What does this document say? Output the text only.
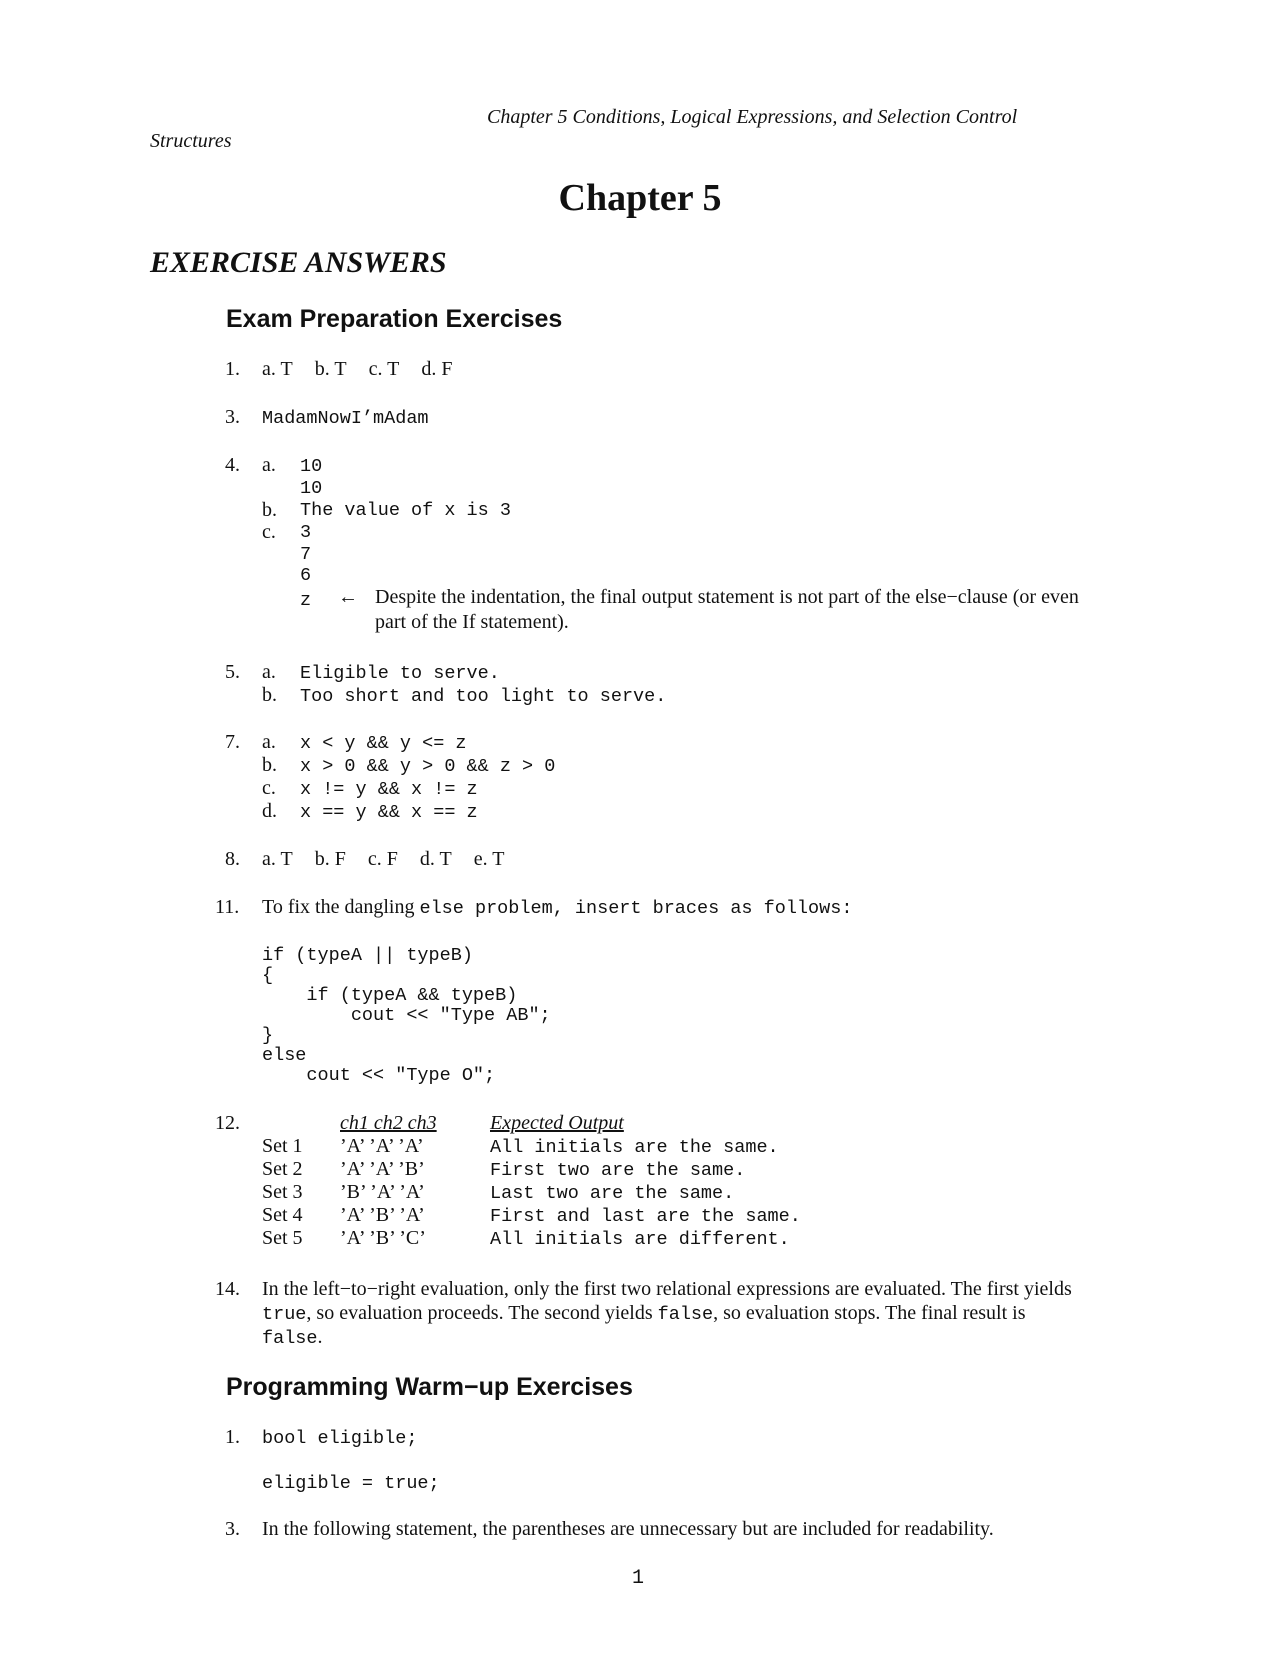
Chapter 5 Conditions, Logical Expressions, and Selection Control
Structures
Chapter 5
EXERCISE ANSWERS
Exam Preparation Exercises
1. a. T b. T c. T d. F
3. MadamNowI’mAdam
4. a. 10
10
b. The value of x is 3
c. 3
7
6
z ← Despite the indentation, the final output statement is not part of the else−clause (or even
part of the If statement).
5. a. Eligible to serve.
b. Too short and too light to serve.
7. a. x < y && y <= z
b. x > 0 && y > 0 && z > 0
c. x != y && x != z
d. x == y && x == z
8. a. T b. F c. F d. T e. T
11. To fix the dangling else problem, insert braces as follows:
if (typeA || typeB)
{
if (typeA && typeB)
cout << "Type AB";
}
else
cout << "Type O";
12.	ch1 ch2 ch3	Expected Output
Set 1 ’A’ ’A’ ’A’	All initials are the same.
Set 2 ’A’ ’A’ ’B’	First two are the same.
Set 3 ’B’ ’A’ ’A’	Last two are the same.
Set 4 ’A’ ’B’ ’A’	First and last are the same.
Set 5 ’A’ ’B’ ’C’	All initials are different.
14. In the left−to−right evaluation, only the first two relational expressions are evaluated. The first yields
true, so evaluation proceeds. The second yields false, so evaluation stops. The final result is
false.
Programming Warm−up Exercises
1. bool eligible;
eligible = true;
3. In the following statement, the parentheses are unnecessary but are included for readability.
1
